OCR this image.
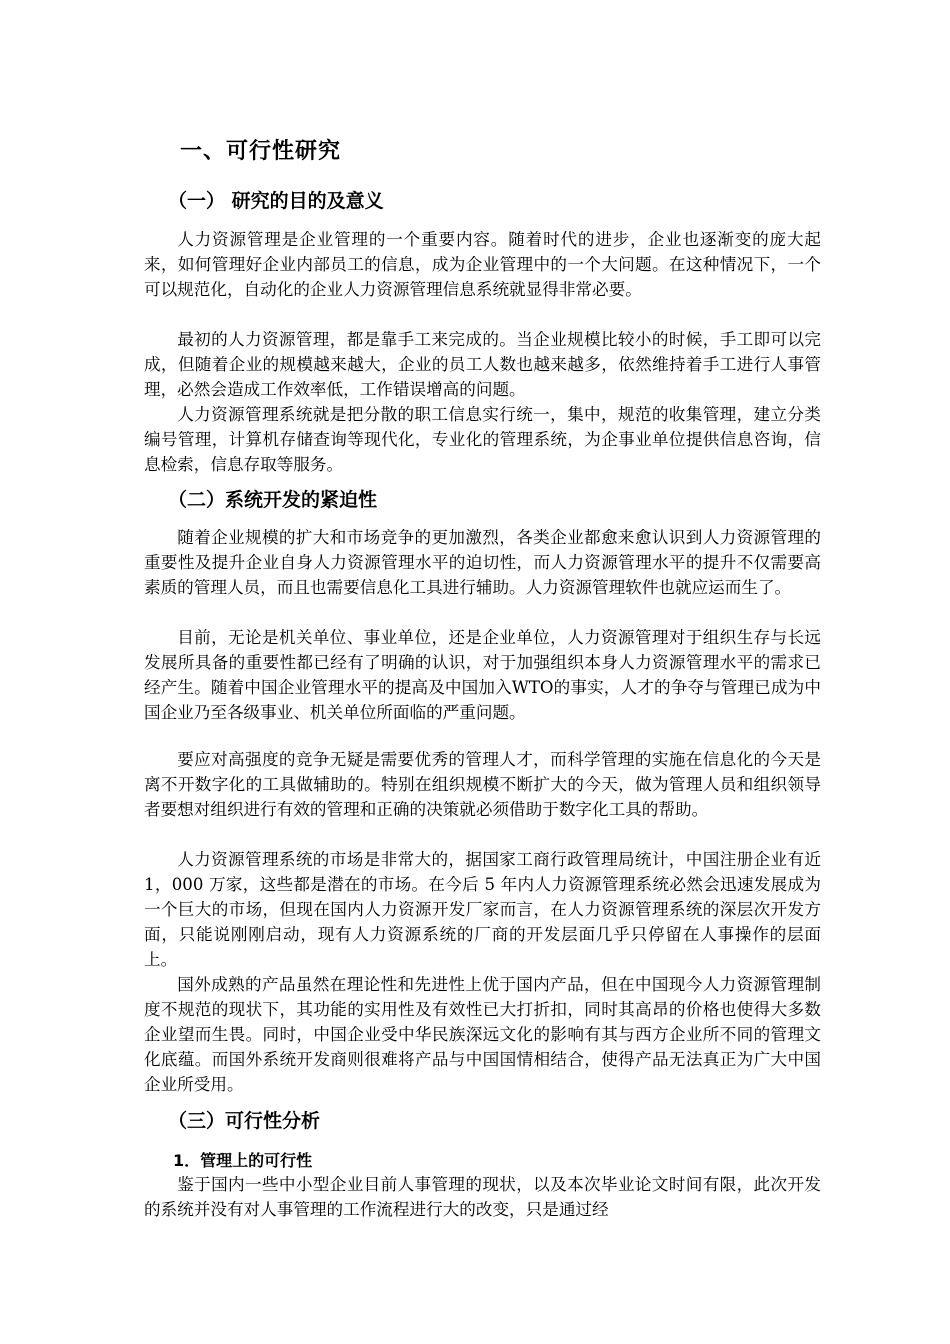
一、可行性研究
（一） 研究的目的及意义

人力资源管理是企业管理的一个重要内容。随着时代的进步，企业也逐渐变的庞大起来，如何管理好企业内部员工的信息，成为企业管理中的一个大问题。在这种情况下，一个可以规范化，自动化的企业人力资源管理信息系统就显得非常必要。

最初的人力资源管理，都是靠手工来完成的。当企业规模比较小的时候，手工即可以完成，但随着企业的规模越来越大，企业的员工人数也越来越多，依然维持着手工进行人事管理，必然会造成工作效率低，工作错误增高的问题。

人力资源管理系统就是把分散的职工信息实行统一，集中，规范的收集管理，建立分类编号管理，计算机存储查询等现代化，专业化的管理系统，为企事业单位提供信息咨询，信息检索，信息存取等服务。

（二）系统开发的紧迫性

随着企业规模的扩大和市场竞争的更加激烈，各类企业都愈来愈认识到人力资源管理的重要性及提升企业自身人力资源管理水平的迫切性，而人力资源管理水平的提升不仅需要高素质的管理人员，而且也需要信息化工具进行辅助。人力资源管理软件也就应运而生了。

目前，无论是机关单位、事业单位，还是企业单位，人力资源管理对于组织生存与长远发展所具备的重要性都已经有了明确的认识，对于加强组织本身人力资源管理水平的需求已经产生。随着中国企业管理水平的提高及中国加入WTO的事实，人才的争夺与管理已成为中国企业乃至各级事业、机关单位所面临的严重问题。

要应对高强度的竞争无疑是需要优秀的管理人才，而科学管理的实施在信息化的今天是离不开数字化的工具做辅助的。特别在组织规模不断扩大的今天，做为管理人员和组织领导者要想对组织进行有效的管理和正确的决策就必须借助于数字化工具的帮助。

人力资源管理系统的市场是非常大的，据国家工商行政管理局统计，中国注册企业有近 1，000 万家，这些都是潜在的市场。在今后 5 年内人力资源管理系统必然会迅速发展成为一个巨大的市场，但现在国内人力资源开发厂家而言，在人力资源管理系统的深层次开发方面，只能说刚刚启动，现有人力资源系统的厂商的开发层面几乎只停留在人事操作的层面上。

国外成熟的产品虽然在理论性和先进性上优于国内产品，但在中国现今人力资源管理制度不规范的现状下，其功能的实用性及有效性已大打折扣，同时其高昂的价格也使得大多数企业望而生畏。同时，中国企业受中华民族深远文化的影响有其与西方企业所不同的管理文化底蕴。而国外系统开发商则很难将产品与中国国情相结合，使得产品无法真正为广大中国企业所受用。

（三）可行性分析
1．管理上的可行性

鉴于国内一些中小型企业目前人事管理的现状，以及本次毕业论文时间有限，此次开发的系统并没有对人事管理的工作流程进行大的改变，只是通过经
